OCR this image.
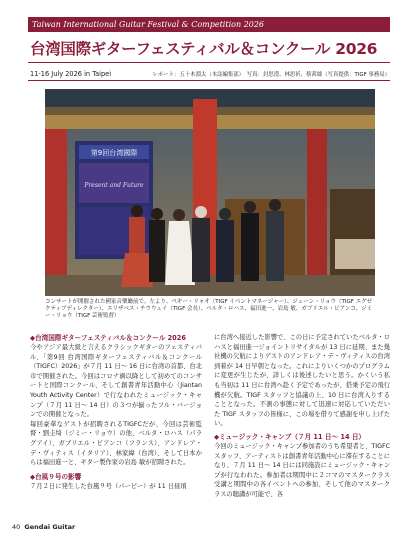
Taiwan International Guitar Festival & Competition 2026
台湾国際ギターフェスティバル＆コンクール 2026
11-16 July 2026 in Taipei	レポート：五十木淵太（本誌編集部）　写真：封思瀅、林思祈、蔡茜絲（写真提供：TIGF 事務局）
第9回台湾國際
Present and Future
コンサートが開催された國家音樂廳前で。左より、ペギー・リャオ（TIGF イベントマネージャー）、ジェーン・リョウ（TIGF エグゼクティブディレクター）、エリザベス・チウウェイ（TIGF 会長）、ベルタ・ロハス、福田進一、岩島 敏、ガブリエル・ビアンコ、ジミー・リョウ（TIGF 芸術監督）

◆台湾国際ギターフェスティバル＆コンクール 2026

今やアジア最大級と言えるクラシックギターのフェスティバル、「第9回 台湾国際ギターフェスティバル＆コンクール（TIGFC）2026」が７月 11 日〜 16 日に台湾の首都、台北市で開催された。今回はコロナ禍以降として初めてのコンサートと国際コンクール、そして創書青年活動中心（Jiantan Youth Activity Center）で行なわれたミュージック・キャンプ（７月 11 日〜 14 日）の３つが揃ったフル・バージョンでの開催となった。

毎回豪華なゲストが招聘されるTIGFCだが、今回は芸術監督・劉圭埼（ジミー・リョウ）の他、ベルタ・ロハス（パラグアイ）、ガブリエル・ビアンコ（フランス）、アンドレア・デ・ヴィティス（イタリア）、林家緯（台湾）、そして日本からは福田進一と、ギター製作家の岩島 敏が招聘された。

◆台風９号の影響

７月２日に発生した台風９号（パーピー）が 11 日昼頃

に台湾へ接近した影響で、この日に予定されていたベルタ・ロハスと福田進一ジョイントリサイタルが 13 日に延期、また幾社機の欠航によりゲストのアンドレア・デ・ヴィティスの台湾到着が 14 日早朝となった。これによりいくつかのプログラムに変更が生じたが、詳しくは後述したいと思う。かくいう私も当初は 11 日に台湾へ赴く予定であったが、搭乗予定の飛行機が欠航。TIGF スタッフと協議の上、10 日に台湾入りすることとなった。不測の事態に対して迅速に対応していただいた TIGF スタッフの皆様に、この場を借りて感謝を申し上げたい。

◆ミュージック・キャンプ（７月 11 日〜 14 日）

今回のミュージック・キャンプ参加者のうち希望者と、TIGFC スタッフ、アーティストは創書青年活動中心に滞在することになり、７月 11 日〜 14 日には同施設にミュージック・キャンプが行なわれた。参加者は期間中に２コマのマスタークラス受講と期間中の各イベントへの参加、そして他のマスタークラスの聴講が可能で、各

40 Gendai Guitar
